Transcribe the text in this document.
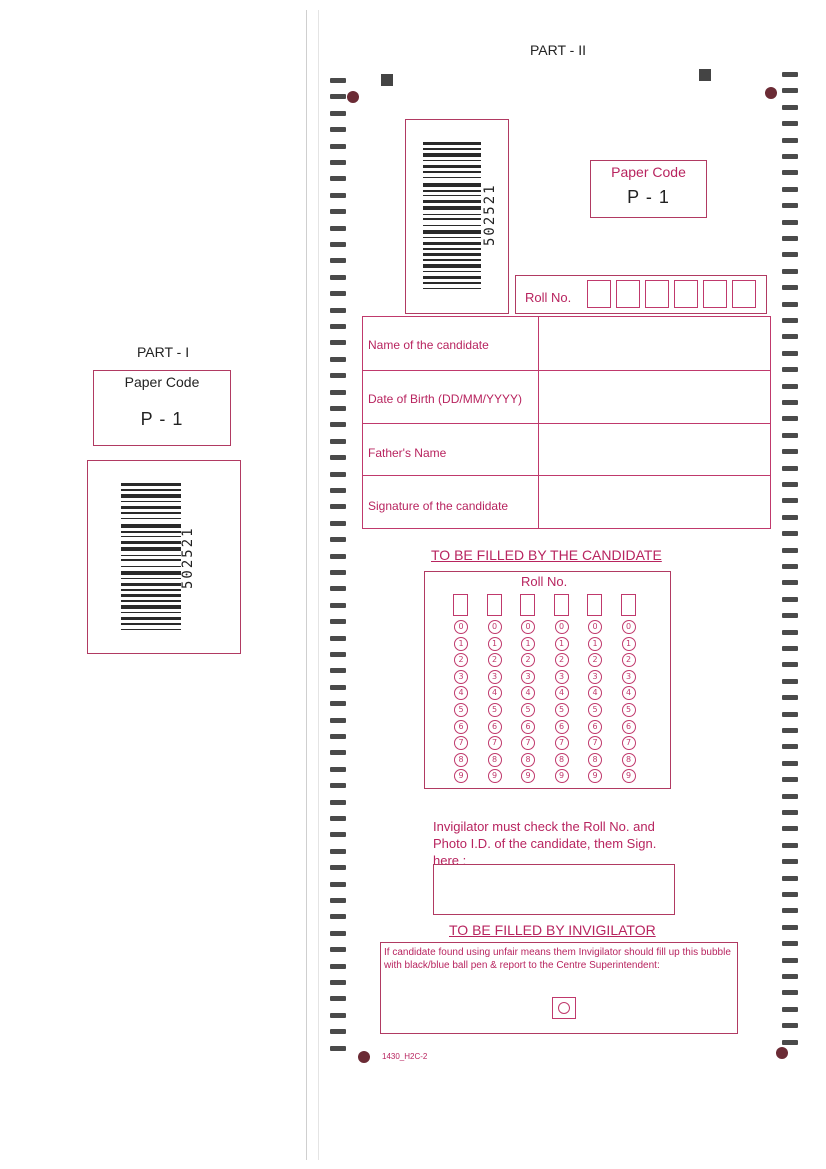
PART - I
Paper Code
P - 1
502521
PART - II
502521
Paper Code
P - 1
Roll No.
Name of the candidate
Date of Birth (DD/MM/YYYY)
Father's Name
Signature of the candidate
TO BE FILLED BY THE CANDIDATE
Roll No.
0
1
2
3
4
5
6
7
8
9
0
1
2
3
4
5
6
7
8
9
0
1
2
3
4
5
6
7
8
9
0
1
2
3
4
5
6
7
8
9
0
1
2
3
4
5
6
7
8
9
0
1
2
3
4
5
6
7
8
9
Invigilator must check the Roll No. and Photo I.D. of the candidate, them Sign. here :
TO BE FILLED BY INVIGILATOR
If candidate found using unfair means them Invigilator should fill up this bubble with black/blue ball pen & report to the Centre Superintendent:
1430_H2C-2
